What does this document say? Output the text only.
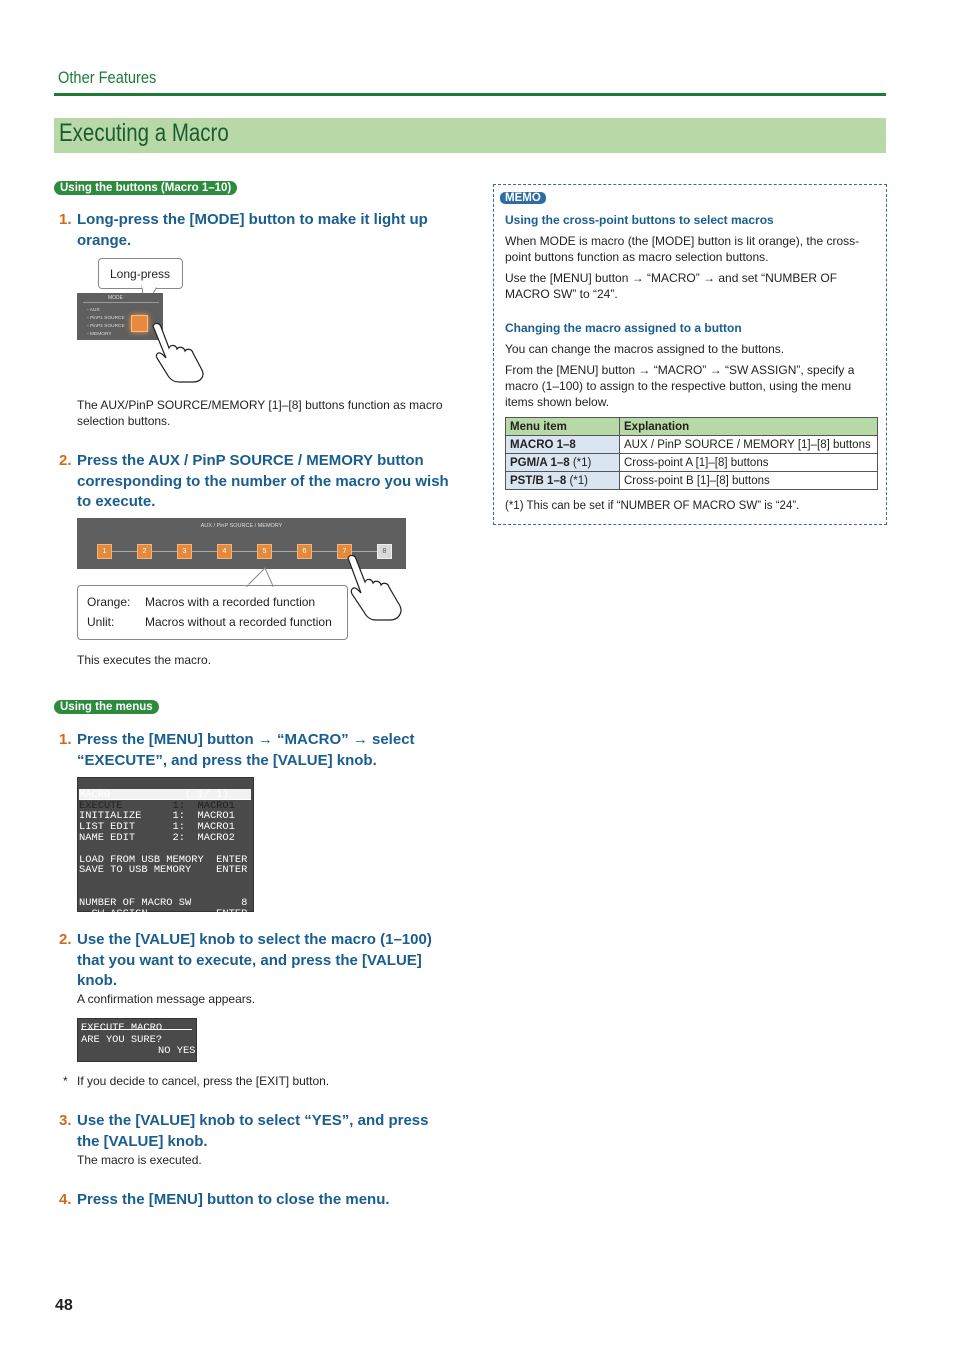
Other Features
Executing a Macro
Using the buttons (Macro 1–10)
1. Long-press the [MODE] button to make it light up orange.
Long-press
MODE
◦ AUX
◦ PinP1 SOURCE
◦ PinP2 SOURCE
◦ MEMORY
The AUX/PinP SOURCE/MEMORY [1]–[8] buttons function as macro selection buttons.
2. Press the AUX / PinP SOURCE / MEMORY button corresponding to the number of the macro you wish to execute.
AUX / PinP SOURCE / MEMORY
1	2	3	4	5	6	7	8
Orange: Macros with a recorded function
Unlit:	Macros without a recorded function
This executes the macro.
Using the menus
1. Press the [MENU] button → “MACRO” → select “EXECUTE”, and press the [VALUE] knob.

MACRO            ( 1/ 1)
EXECUTE        1:  MACRO1
INITIALIZE     1:  MACRO1
LIST EDIT      1:  MACRO1
NAME EDIT      2:  MACRO2
LOAD FROM USB MEMORY  ENTER
SAVE TO USB MEMORY    ENTER
NUMBER OF MACRO SW        8
-SW ASSIGN           ENTER

2. Use the [VALUE] knob to select the macro (1–100) that you want to execute, and press the [VALUE] knob.
A confirmation message appears.
EXECUTE MACRO
ARE YOU SURE?
NO YES
* If you decide to cancel, press the [EXIT] button.
3. Use the [VALUE] knob to select “YES”, and press the [VALUE] knob.
The macro is executed.
4. Press the [MENU] button to close the menu.
MEMO
Using the cross-point buttons to select macros
When MODE is macro (the [MODE] button is lit orange), the cross-point buttons function as macro selection buttons.
Use the [MENU] button → “MACRO” → and set “NUMBER OF MACRO SW” to “24”.
Changing the macro assigned to a button
You can change the macros assigned to the buttons.
From the [MENU] button → “MACRO” → “SW ASSIGN”, specify a macro (1–100) to assign to the respective button, using the menu items shown below.
Menu item	Explanation
MACRO 1–8	AUX / PinP SOURCE / MEMORY [1]–[8] buttons
PGM/A 1–8 (*1)	Cross-point A [1]–[8] buttons
PST/B 1–8 (*1)	Cross-point B [1]–[8] buttons
(*1) This can be set if “NUMBER OF MACRO SW” is “24”.
48
